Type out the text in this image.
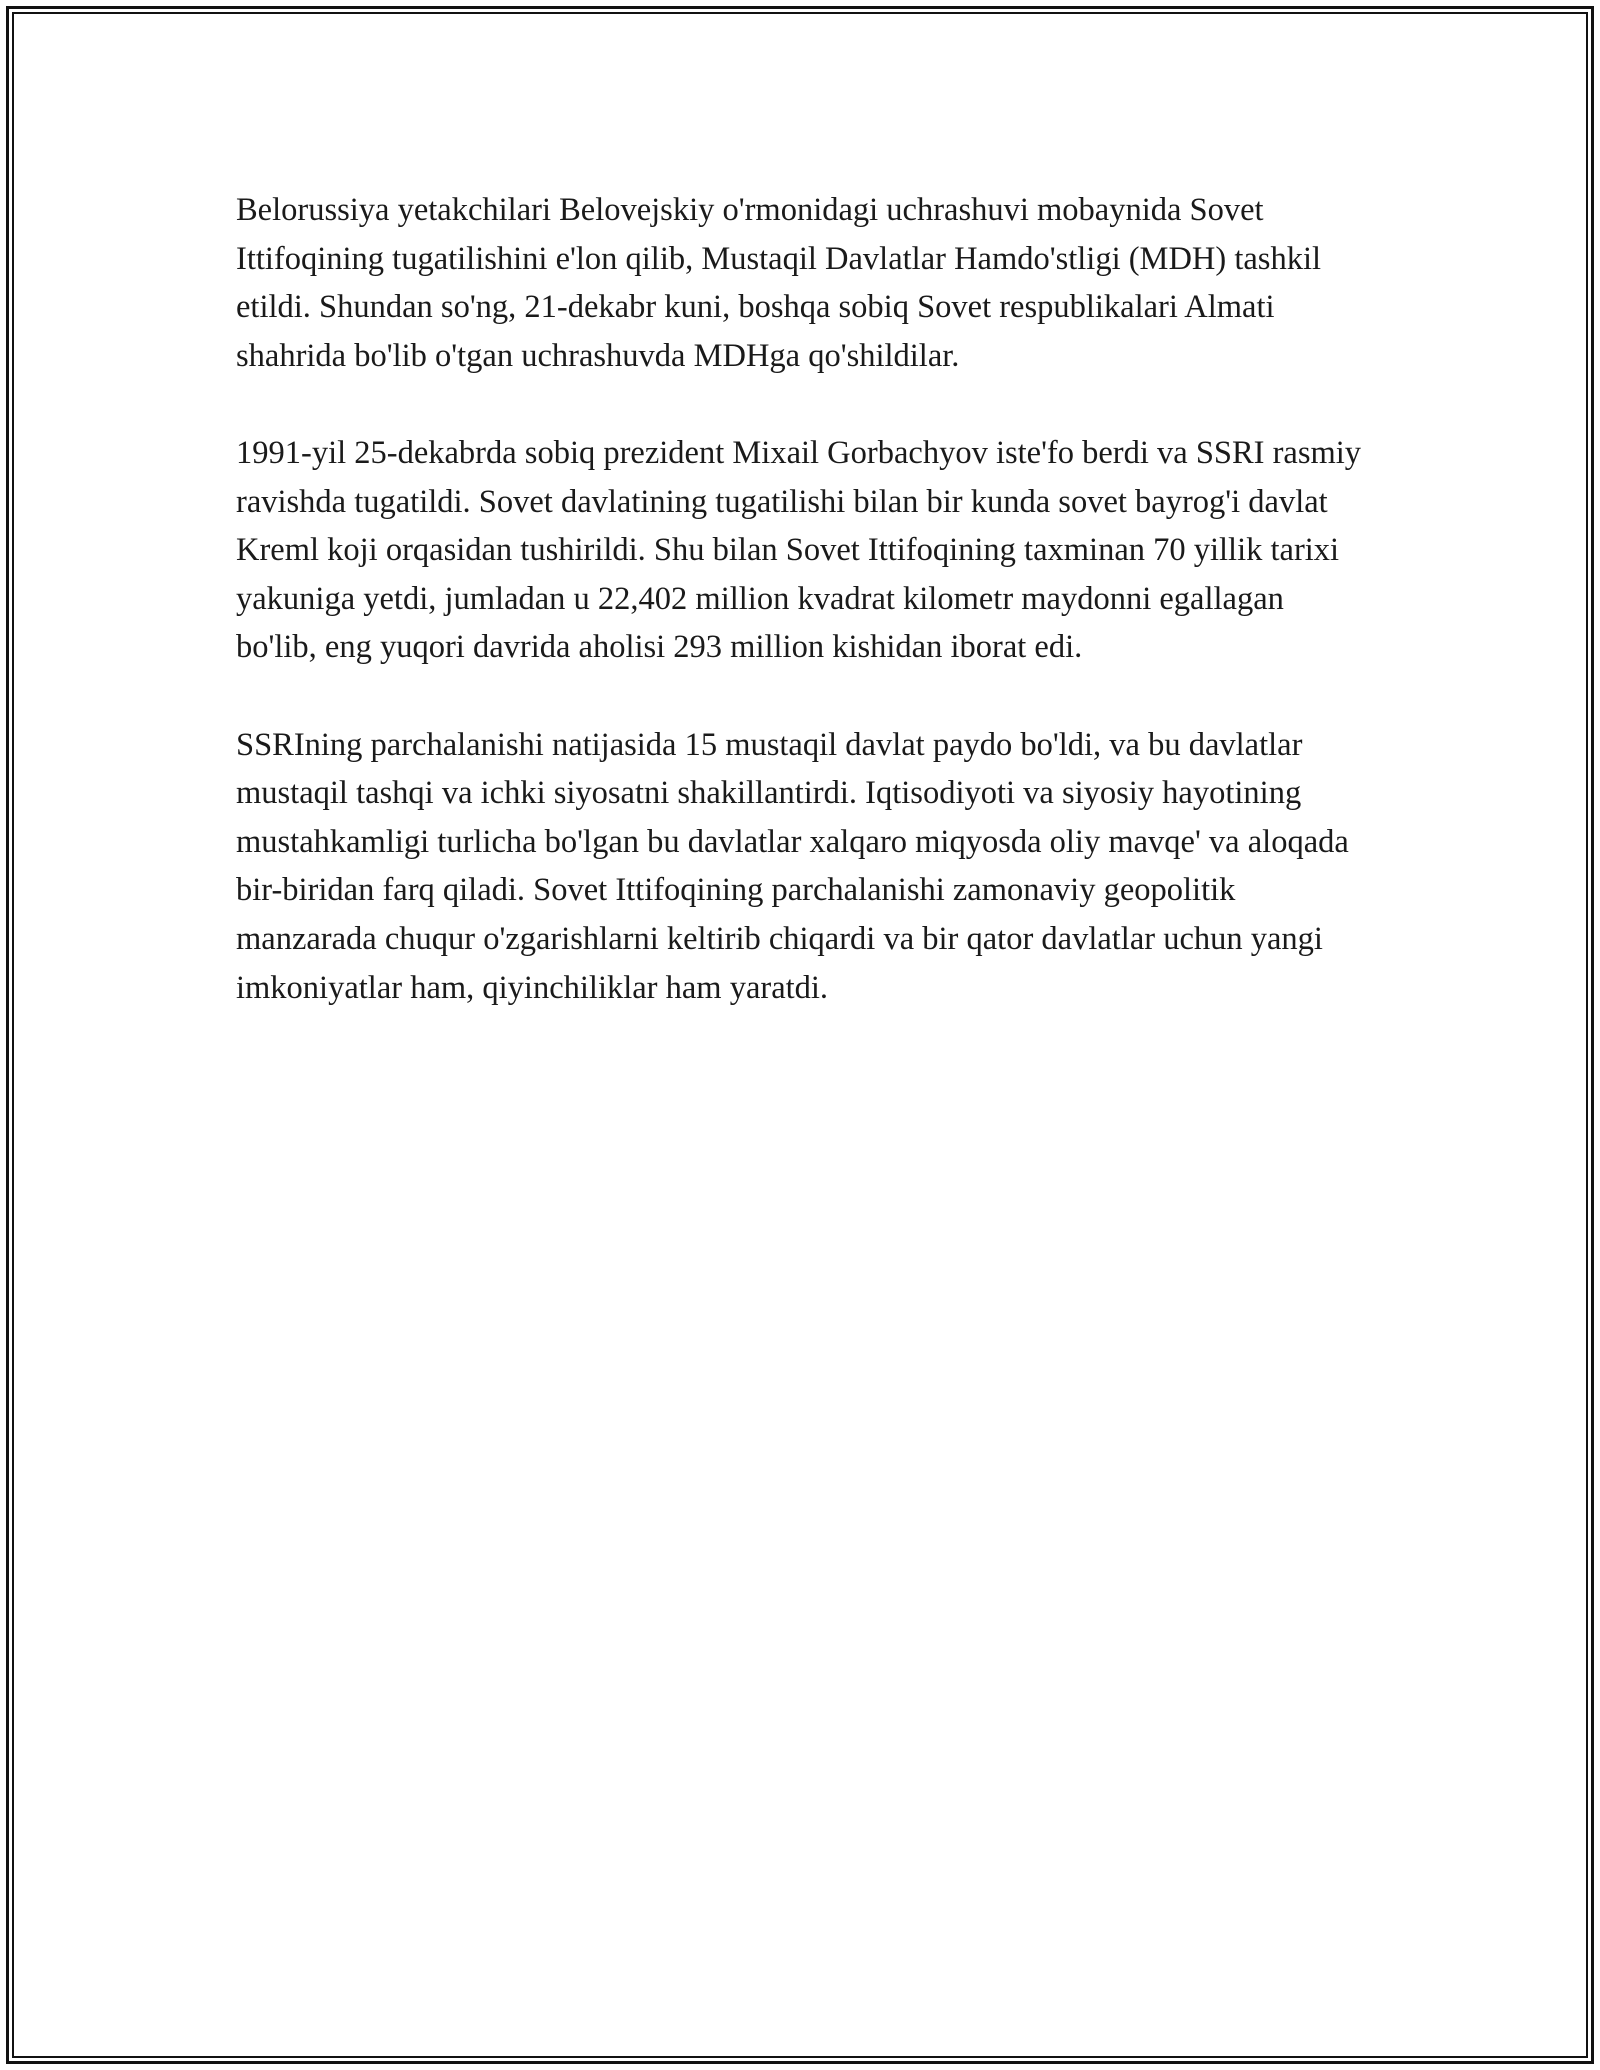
Belorussiya yetakchilari Belovejskiy o'rmonidagi uchrashuvi mobaynida Sovet Ittifoqining tugatilishini e'lon qilib, Mustaqil Davlatlar Hamdo'stligi (MDH) tashkil etildi. Shundan so'ng, 21-dekabr kuni, boshqa sobiq Sovet respublikalari Almati shahrida bo'lib o'tgan uchrashuvda MDHga qo'shildilar.

1991-yil 25-dekabrda sobiq prezident Mixail Gorbachyov iste'fo berdi va SSRI rasmiy ravishda tugatildi. Sovet davlatining tugatilishi bilan bir kunda sovet bayrog'i davlat Kreml koji orqasidan tushirildi. Shu bilan Sovet Ittifoqining taxminan 70 yillik tarixi yakuniga yetdi, jumladan u 22,402 million kvadrat kilometr maydonni egallagan bo'lib, eng yuqori davrida aholisi 293 million kishidan iborat edi.

SSRIning parchalanishi natijasida 15 mustaqil davlat paydo bo'ldi, va bu davlatlar mustaqil tashqi va ichki siyosatni shakillantirdi. Iqtisodiyoti va siyosiy hayotining mustahkamligi turlicha bo'lgan bu davlatlar xalqaro miqyosda oliy mavqe' va aloqada bir-biridan farq qiladi. Sovet Ittifoqining parchalanishi zamonaviy geopolitik manzarada chuqur o'zgarishlarni keltirib chiqardi va bir qator davlatlar uchun yangi imkoniyatlar ham, qiyinchiliklar ham yaratdi.
